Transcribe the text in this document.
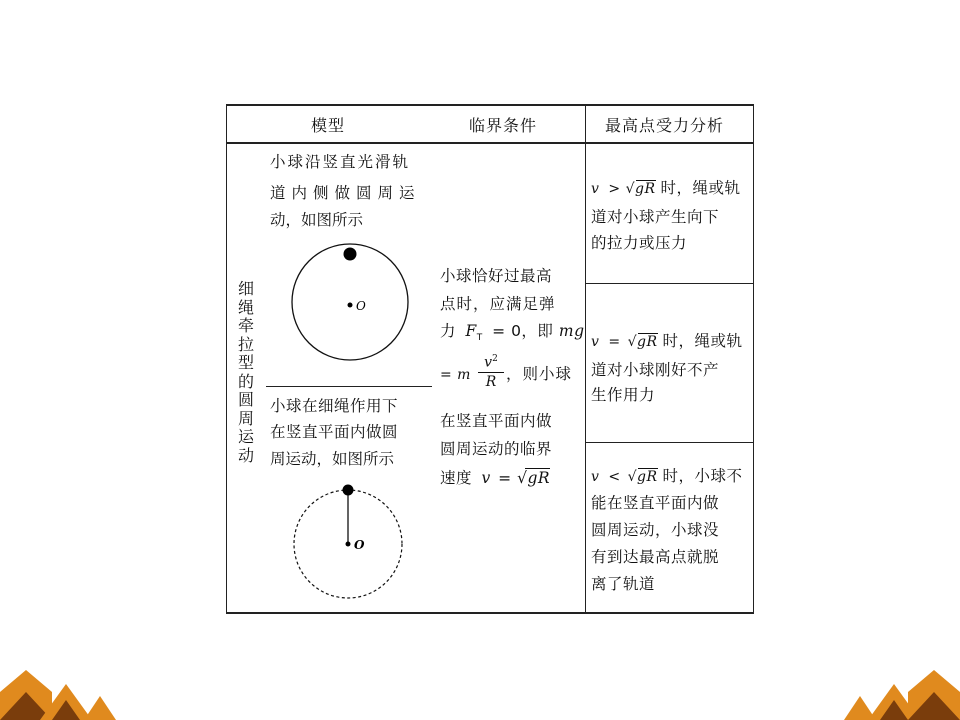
模型	临界条件	最高点受力分析
细绳牵拉型的圆周运动
小球沿竖直光滑轨
道内侧做圆周运
动，如图所示
O
小球在细绳作用下
在竖直平面内做圆
周运动，如图所示
O
小球恰好过最高
点时，应满足弹
力 $F_T = 0$，即 mg
= m
$v^2$
R ，则小球
在竖直平面内做
圆周运动的临界
速度 v = √gR
v > √gR 时，绳或轨
道对小球产生向下
的拉力或压力
v = √gR 时，绳或轨
道对小球刚好不产
生作用力
v < √gR 时，小球不
能在竖直平面内做
圆周运动，小球没
有到达最高点就脱
离了轨道
